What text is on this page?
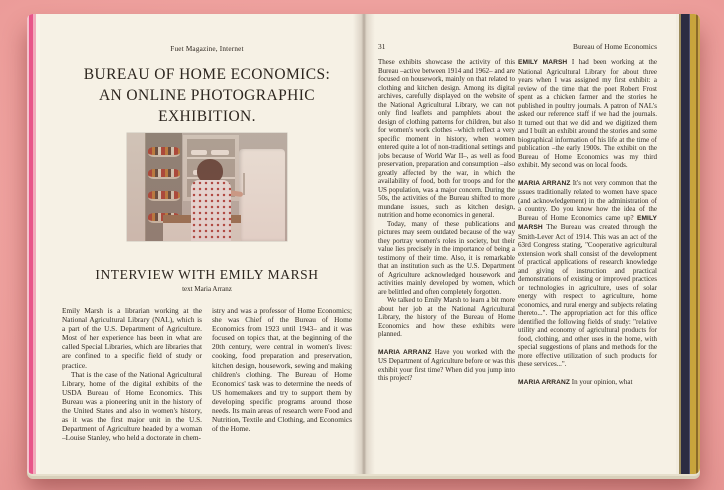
Fuet Magazine, Internet
BUREAU OF HOME ECONOMICS:
AN ONLINE PHOTOGRAPHIC
EXHIBITION.
INTERVIEW WITH EMILY MARSH
text Maria Arranz

Emily Marsh is a librarian working at the National Agricultural Library (NAL), which is a part of the U.S. Department of Agriculture. Most of her experience has been in what are called Special Libraries, which are libraries that are confined to a specific field of study or practice.

That is the case of the National Agricultural Library, home of the digital exhibits of the USDA Bureau of Home Economics. This Bureau was a pioneering unit in the history of the United States and also in women's history, as it was the first major unit in the U.S. Department of Agriculture headed by a woman –Louise Stanley, who held a doctorate in chem-

istry and was a professor of Home Economics; she was Chief of the Bureau of Home Economics from 1923 until 1943– and it was focused on topics that, at the beginning of the 20th century, were central in women's lives: cooking, food preparation and preservation, kitchen design, housework, sewing and making children's clothing. The Bureau of Home Economics' task was to determine the needs of US homemakers and try to support them by developing specific programs around those needs. Its main areas of research were Food and Nutrition, Textile and Clothing, and Economics of the Home.

31	Bureau of Home Economics

These exhibits showcase the activity of this Bureau –active between 1914 and 1962– and are focused on housework, mainly on that related to clothing and kitchen design. Among its digital archives, carefully displayed on the website of the National Agricultural Library, we can not only find leaflets and pamphlets about the design of clothing patterns for children, but also for women's work clothes –which reflect a very specific moment in history, when women entered quite a lot of non-traditional settings and jobs because of World War II–, as well as food preservation, preparation and consumption –also greatly affected by the war, in which the availability of food, both for troops and for the US population, was a major concern. During the 50s, the activities of the Bureau shifted to more mundane issues, such as kitchen design, nutrition and home economics in general.

Today, many of these publications and pictures may seem outdated because of the way they portray women's roles in society, but their value lies precisely in the importance of being a testimony of their time. Also, it is remarkable that an institution such as the U.S. Department of Agriculture acknowledged housework and activities mainly developed by women, which are belittled and often completely forgotten.

We talked to Emily Marsh to learn a bit more about her job at the National Agricultural Library, the history of the Bureau of Home Economics and how these exhibits were planned.

MARIA ARRANZ Have you worked with the US Department of Agriculture before or was this exhibit your first time? When did you jump into this project?

EMILY MARSH I had been working at the National Agricultural Library for about three years when I was assigned my first exhibit: a review of the time that the poet Robert Frost spent as a chicken farmer and the stories he published in poultry journals. A patron of NAL's asked our reference staff if we had the journals. It turned out that we did and we digitized them and I built an exhibit around the stories and some biographical information of his life at the time of publication –the early 1900s. The exhibit on the Bureau of Home Economics was my third exhibit. My second was on local foods.

MARIA ARRANZ It's not very common that the issues traditionally related to women have space (and acknowledgement) in the administration of a country. Do you know how the idea of the Bureau of Home Economics came up? EMILY MARSH The Bureau was created through the Smith-Lever Act of 1914. This was an act of the 63rd Congress stating, "Cooperative agricultural extension work shall consist of the development of practical applications of research knowledge and giving of instruction and practical demonstrations of existing or improved practices or technologies in agriculture, uses of solar energy with respect to agriculture, home economics, and rural energy and subjects relating thereto...". The appropriation act for this office identified the following fields of study: "relative utility and economy of agricultural products for food, clothing, and other uses in the home, with special suggestions of plans and methods for the more effective utilization of such products for these services...".

MARIA ARRANZ In your opinion, what
